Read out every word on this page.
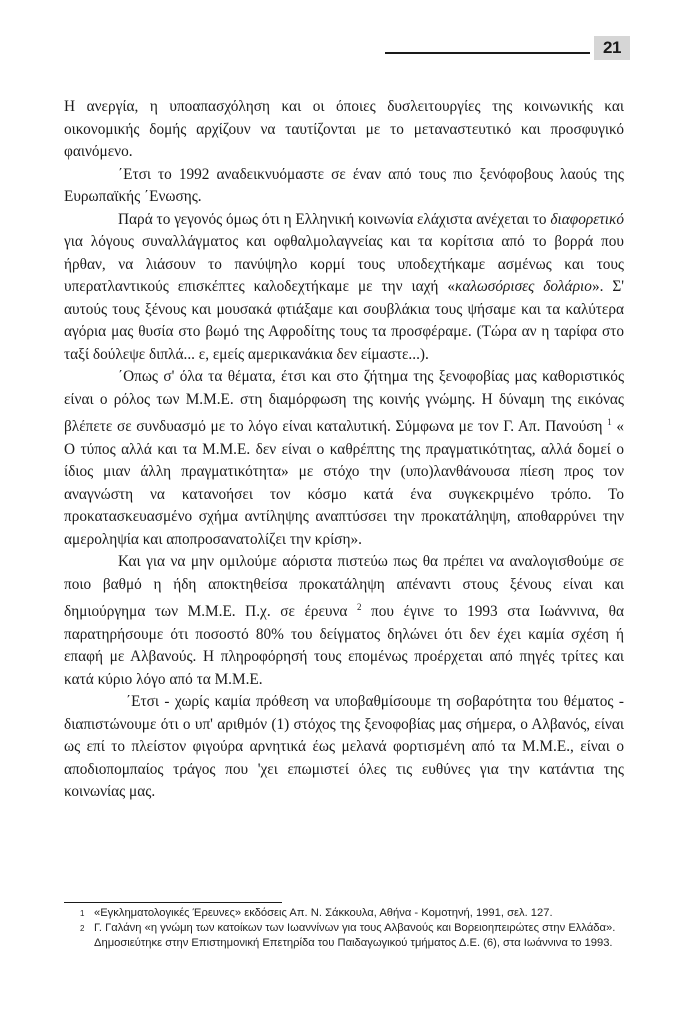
21

Η ανεργία, η υποαπασχόληση και οι όποιες δυσλειτουργίες της κοινωνικής και οικονομικής δομής αρχίζουν να ταυτίζονται με το μεταναστευτικό και προσφυγικό φαινόμενο.

΄Ετσι το 1992 αναδεικνυόμαστε σε έναν από τους πιο ξενόφοβους λαούς της Ευρωπαϊκής ΄Ενωσης.

Παρά το γεγονός όμως ότι η Ελληνική κοινωνία ελάχιστα ανέχεται το διαφορετικό για λόγους συναλλάγματος και οφθαλμολαγνείας και τα κορίτσια από το βορρά που ήρθαν, να λιάσουν το πανύψηλο κορμί τους υποδεχτήκαμε ασμένως και τους υπερατλαντικούς επισκέπτες καλοδεχτήκαμε με την ιαχή «καλωσόρισες δολάριο». Σ' αυτούς τους ξένους και μουσακά φτιάξαμε και σουβλάκια τους ψήσαμε και τα καλύτερα αγόρια μας θυσία στο βωμό της Αφροδίτης τους τα προσφέραμε. (Τώρα αν η ταρίφα στο ταξί δούλεψε διπλά... ε, εμείς αμερικανάκια δεν είμαστε...).

΄Οπως σ' όλα τα θέματα, έτσι και στο ζήτημα της ξενοφοβίας μας καθοριστικός είναι ο ρόλος των Μ.Μ.Ε. στη διαμόρφωση της κοινής γνώμης. Η δύναμη της εικόνας βλέπετε σε συνδυασμό με το λόγο είναι καταλυτική. Σύμφωνα με τον Γ. Απ. Πανούση $^1$ « Ο τύπος αλλά και τα Μ.Μ.Ε. δεν είναι ο καθρέπτης της πραγματικότητας, αλλά δομεί ο ίδιος μιαν άλλη πραγματικότητα» με στόχο την (υπο)λανθάνουσα πίεση προς τον αναγνώστη να κατανοήσει τον κόσμο κατά ένα συγκεκριμένο τρόπο. Το προκατασκευασμένο σχήμα αντίληψης αναπτύσσει την προκατάληψη, αποθαρρύνει την αμεροληψία και αποπροσανατολίζει την κρίση».

Και για να μην ομιλούμε αόριστα πιστεύω πως θα πρέπει να αναλογισθούμε σε ποιο βαθμό η ήδη αποκτηθείσα προκατάληψη απέναντι στους ξένους είναι και δημιούργημα των Μ.Μ.Ε. Π.χ. σε έρευνα $^2$ που έγινε το 1993 στα Ιωάννινα, θα παρατηρήσουμε ότι ποσοστό 80% του δείγματος δηλώνει ότι δεν έχει καμία σχέση ή επαφή με Αλβανούς. Η πληροφόρησή τους επομένως προέρχεται από πηγές τρίτες και κατά κύριο λόγο από τα Μ.Μ.Ε.

΄Ετσι - χωρίς καμία πρόθεση να υποβαθμίσουμε τη σοβαρότητα του θέματος - διαπιστώνουμε ότι ο υπ' αριθμόν (1) στόχος της ξενοφοβίας μας σήμερα, ο Αλβανός, είναι ως επί το πλείστον φιγούρα αρνητικά έως μελανά φορτισμένη από τα Μ.Μ.Ε., είναι ο αποδιοπομπαίος τράγος που 'χει επωμιστεί όλες τις ευθύνες για την κατάντια της κοινωνίας μας.

1 «Εγκληματολογικές Έρευνες» εκδόσεις Απ. Ν. Σάκκουλα, Αθήνα - Κομοτηνή, 1991, σελ. 127.

2 Γ. Γαλάνη «η γνώμη των κατοίκων των Ιωαννίνων για τους Αλβανούς και Βορειοηπειρώτες στην Ελλάδα». Δημοσιεύτηκε στην Επιστημονική Επετηρίδα του Παιδαγωγικού τμήματος Δ.Ε. (6), στα Ιωάννινα το 1993.
